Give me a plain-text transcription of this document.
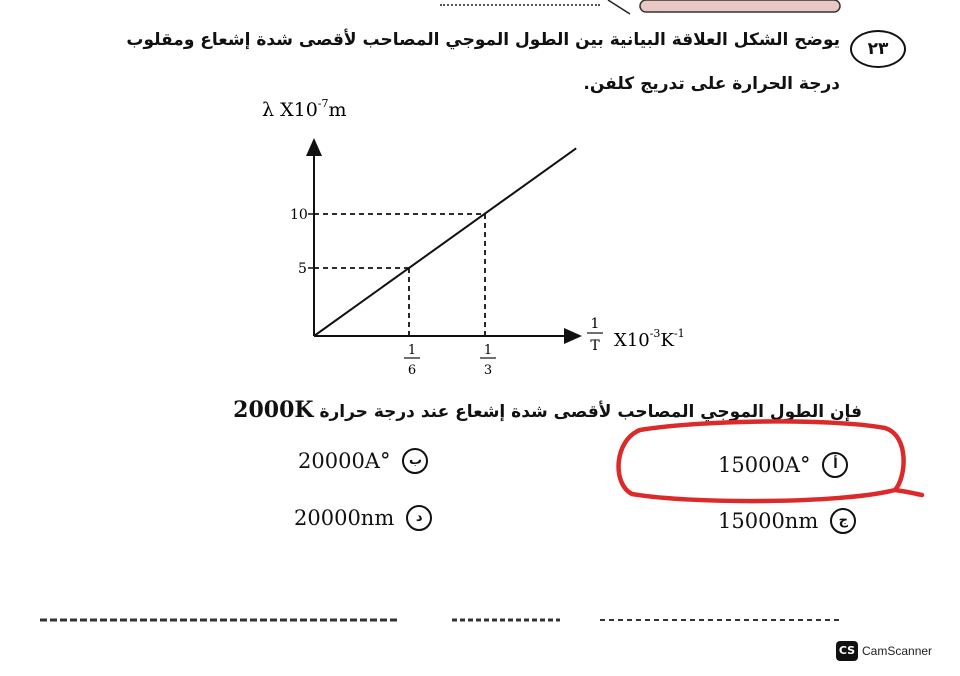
٢٣
يوضح الشكل العلاقة البيانية بين الطول الموجي المصاحب لأقصى شدة إشعاع ومقلوب
درجة الحرارة على تدريج كلفن.
λ $X10^{-7}m$
10
5
1
6
1
3
1
T $X10^{-3}K^{-1}$
فإن الطول الموجي المصاحب لأقصى شدة إشعاع عند درجة حرارة 2000K
15000A°	أ
20000A°	ب
15000nm	ج
20000nm	د
CS CamScanner
